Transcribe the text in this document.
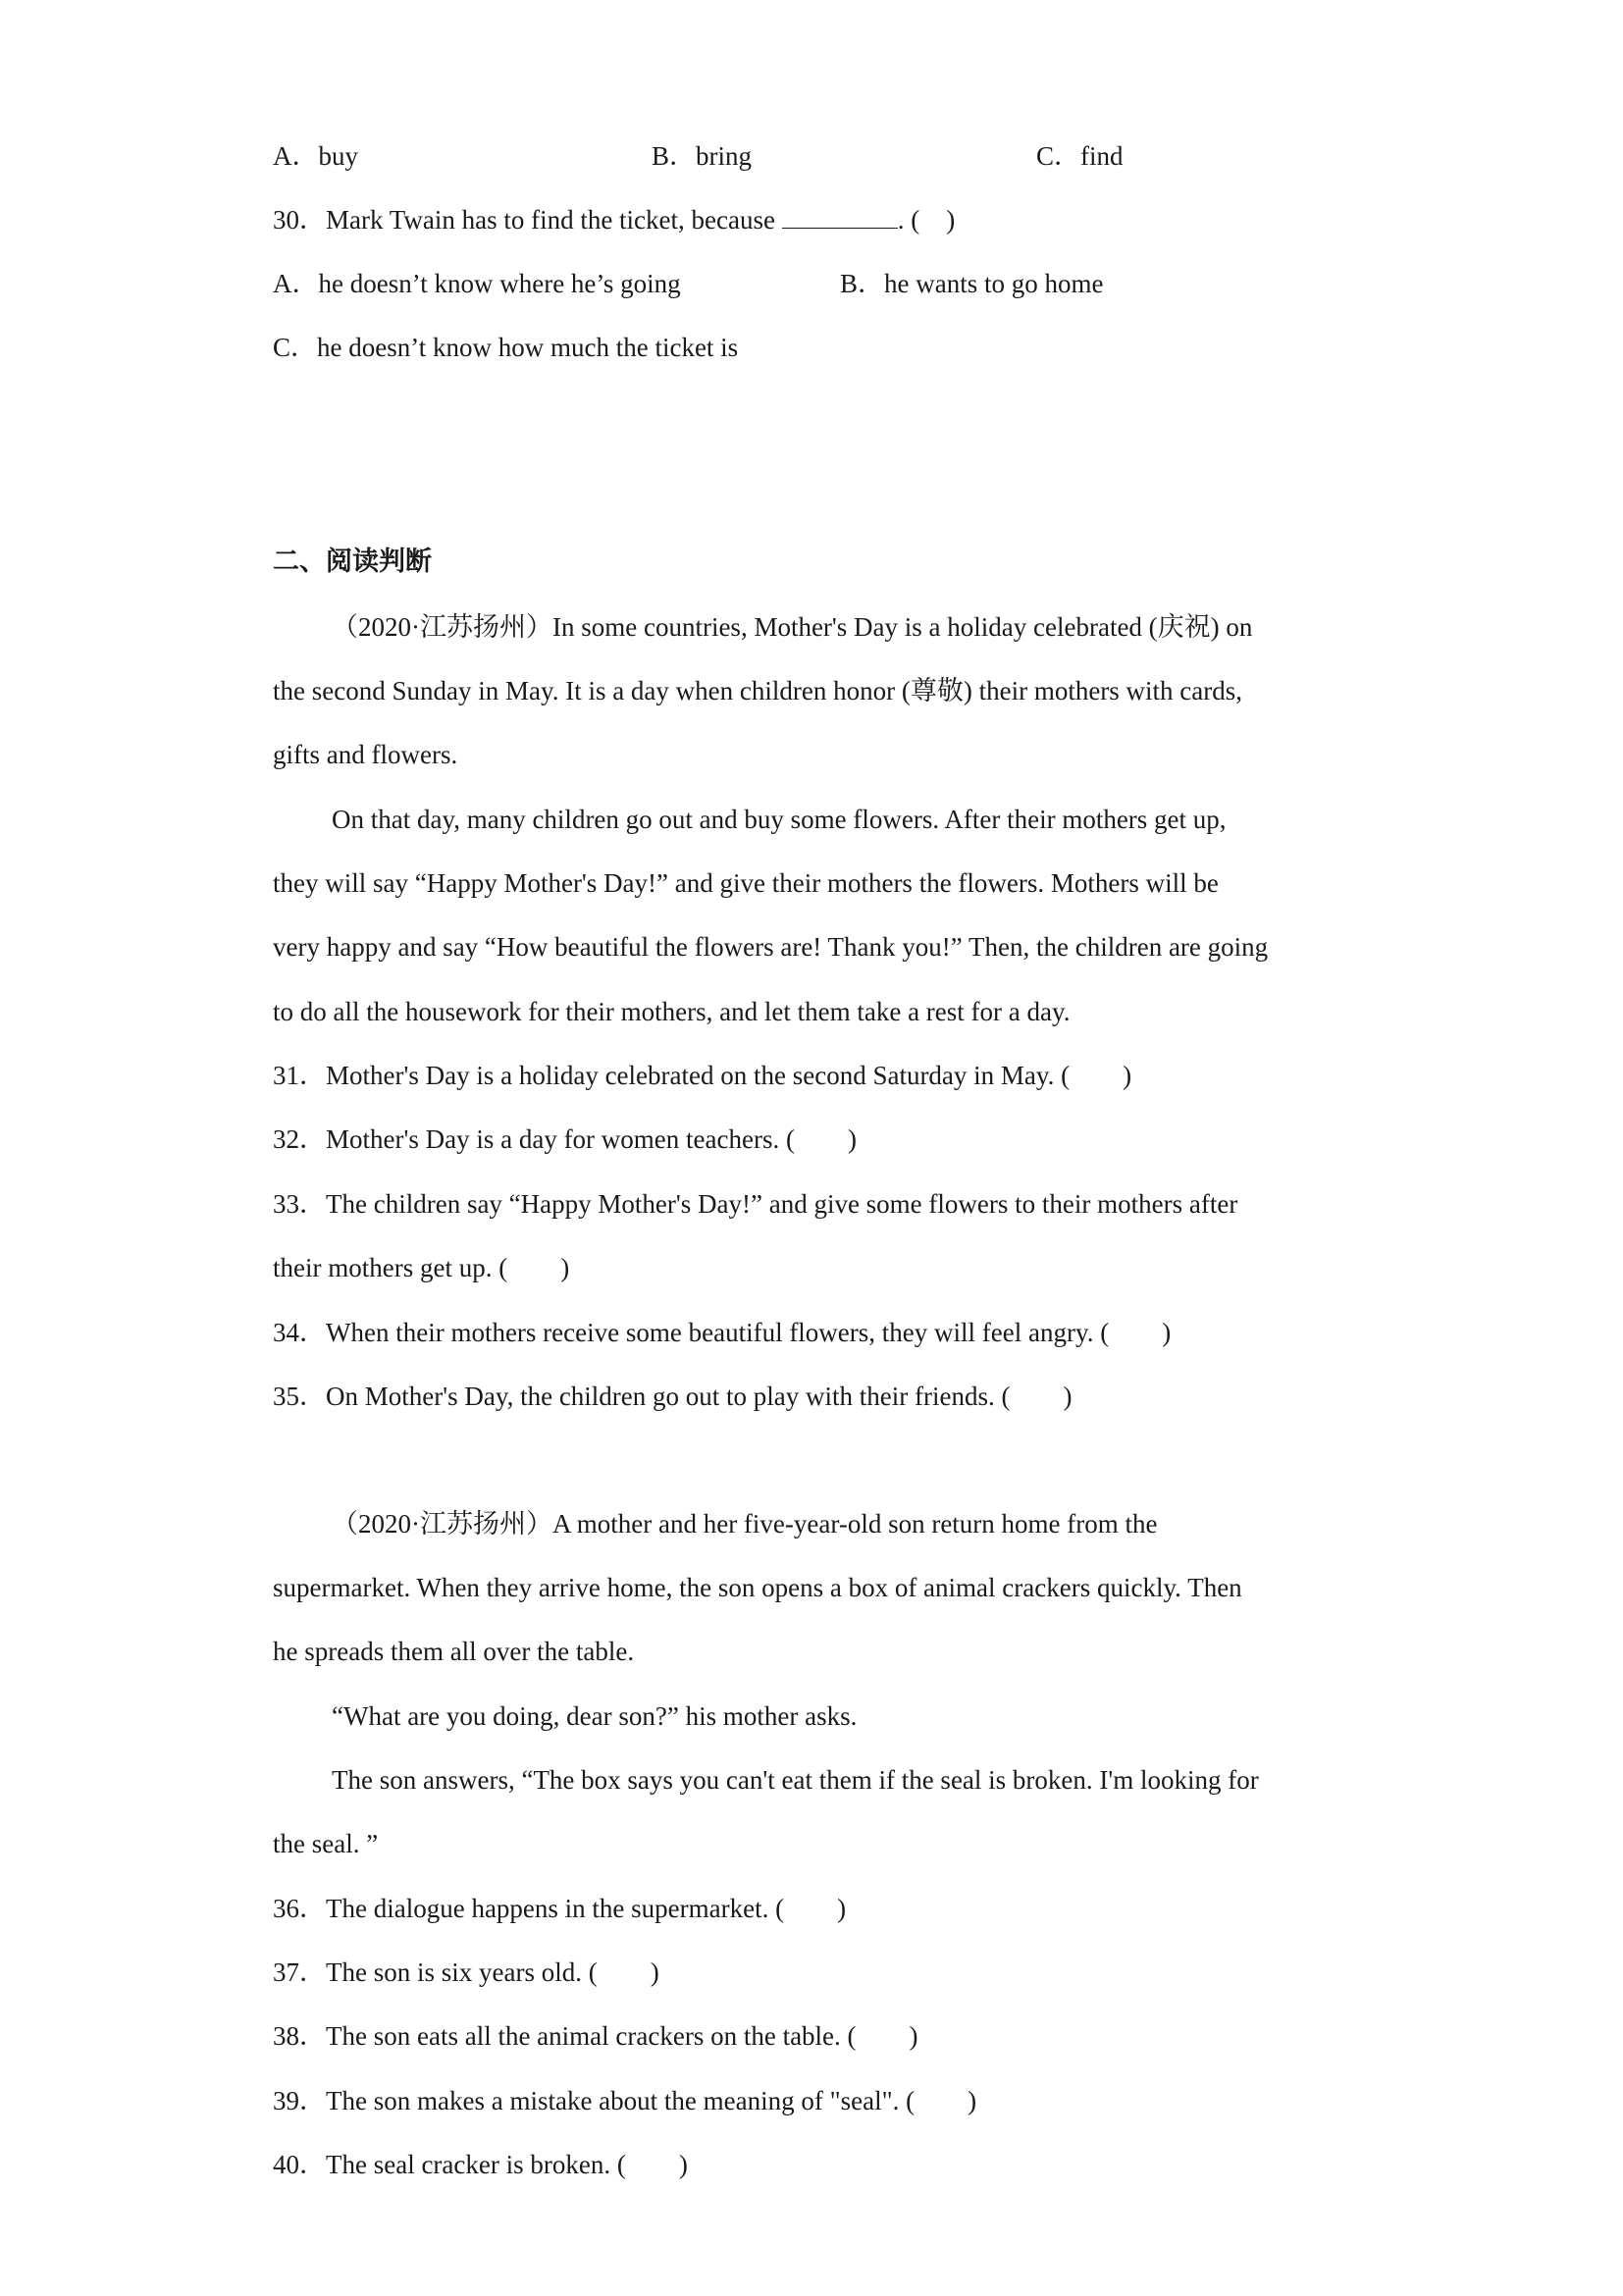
A．buy	B．bring	C．find
30．Mark Twain has to find the ticket, because	. (　)
A．he doesn’t know where he’s going	B．he wants to go home
C．he doesn’t know how much the ticket is
二、阅读判断
（2020·江苏扬州）In some countries, Mother's Day is a holiday celebrated (庆祝) on
the second Sunday in May. It is a day when children honor (尊敬) their mothers with cards,
gifts and flowers.
On that day, many children go out and buy some flowers. After their mothers get up,
they will say “Happy Mother's Day!” and give their mothers the flowers. Mothers will be
very happy and say “How beautiful the flowers are! Thank you!” Then, the children are going
to do all the housework for their mothers, and let them take a rest for a day.
31．Mother's Day is a holiday celebrated on the second Saturday in May. (　　)
32．Mother's Day is a day for women teachers. (　　)
33．The children say “Happy Mother's Day!” and give some flowers to their mothers after
their mothers get up. (　　)
34．When their mothers receive some beautiful flowers, they will feel angry. (　　)
35．On Mother's Day, the children go out to play with their friends. (　　)
（2020·江苏扬州）A mother and her five-year-old son return home from the
supermarket. When they arrive home, the son opens a box of animal crackers quickly. Then
he spreads them all over the table.
“What are you doing, dear son?” his mother asks.
The son answers, “The box says you can't eat them if the seal is broken. I'm looking for
the seal. ”
36．The dialogue happens in the supermarket. (　　)
37．The son is six years old. (　　)
38．The son eats all the animal crackers on the table. (　　)
39．The son makes a mistake about the meaning of "seal". (　　)
40．The seal cracker is broken. (　　)
